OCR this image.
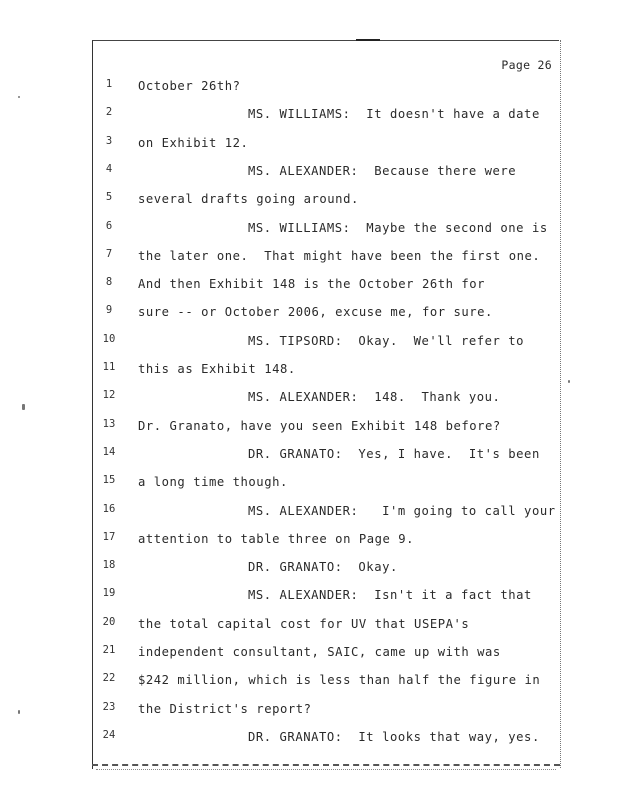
Page 26
1	October 26th?
2	MS. WILLIAMS:  It doesn't have a date
3	on Exhibit 12.
4	MS. ALEXANDER:  Because there were
5	several drafts going around.
6	MS. WILLIAMS:  Maybe the second one is
7	the later one.  That might have been the first one.
8	And then Exhibit 148 is the October 26th for
9	sure -- or October 2006, excuse me, for sure.
10	MS. TIPSORD:  Okay.  We'll refer to
11	this as Exhibit 148.
12	MS. ALEXANDER:  148.  Thank you.
13	Dr. Granato, have you seen Exhibit 148 before?
14	DR. GRANATO:  Yes, I have.  It's been
15	a long time though.
16	MS. ALEXANDER:   I'm going to call your
17	attention to table three on Page 9.
18	DR. GRANATO:  Okay.
19	MS. ALEXANDER:  Isn't it a fact that
20	the total capital cost for UV that USEPA's
21	independent consultant, SAIC, came up with was
22	$242 million, which is less than half the figure in
23	the District's report?
24	DR. GRANATO:  It looks that way, yes.
